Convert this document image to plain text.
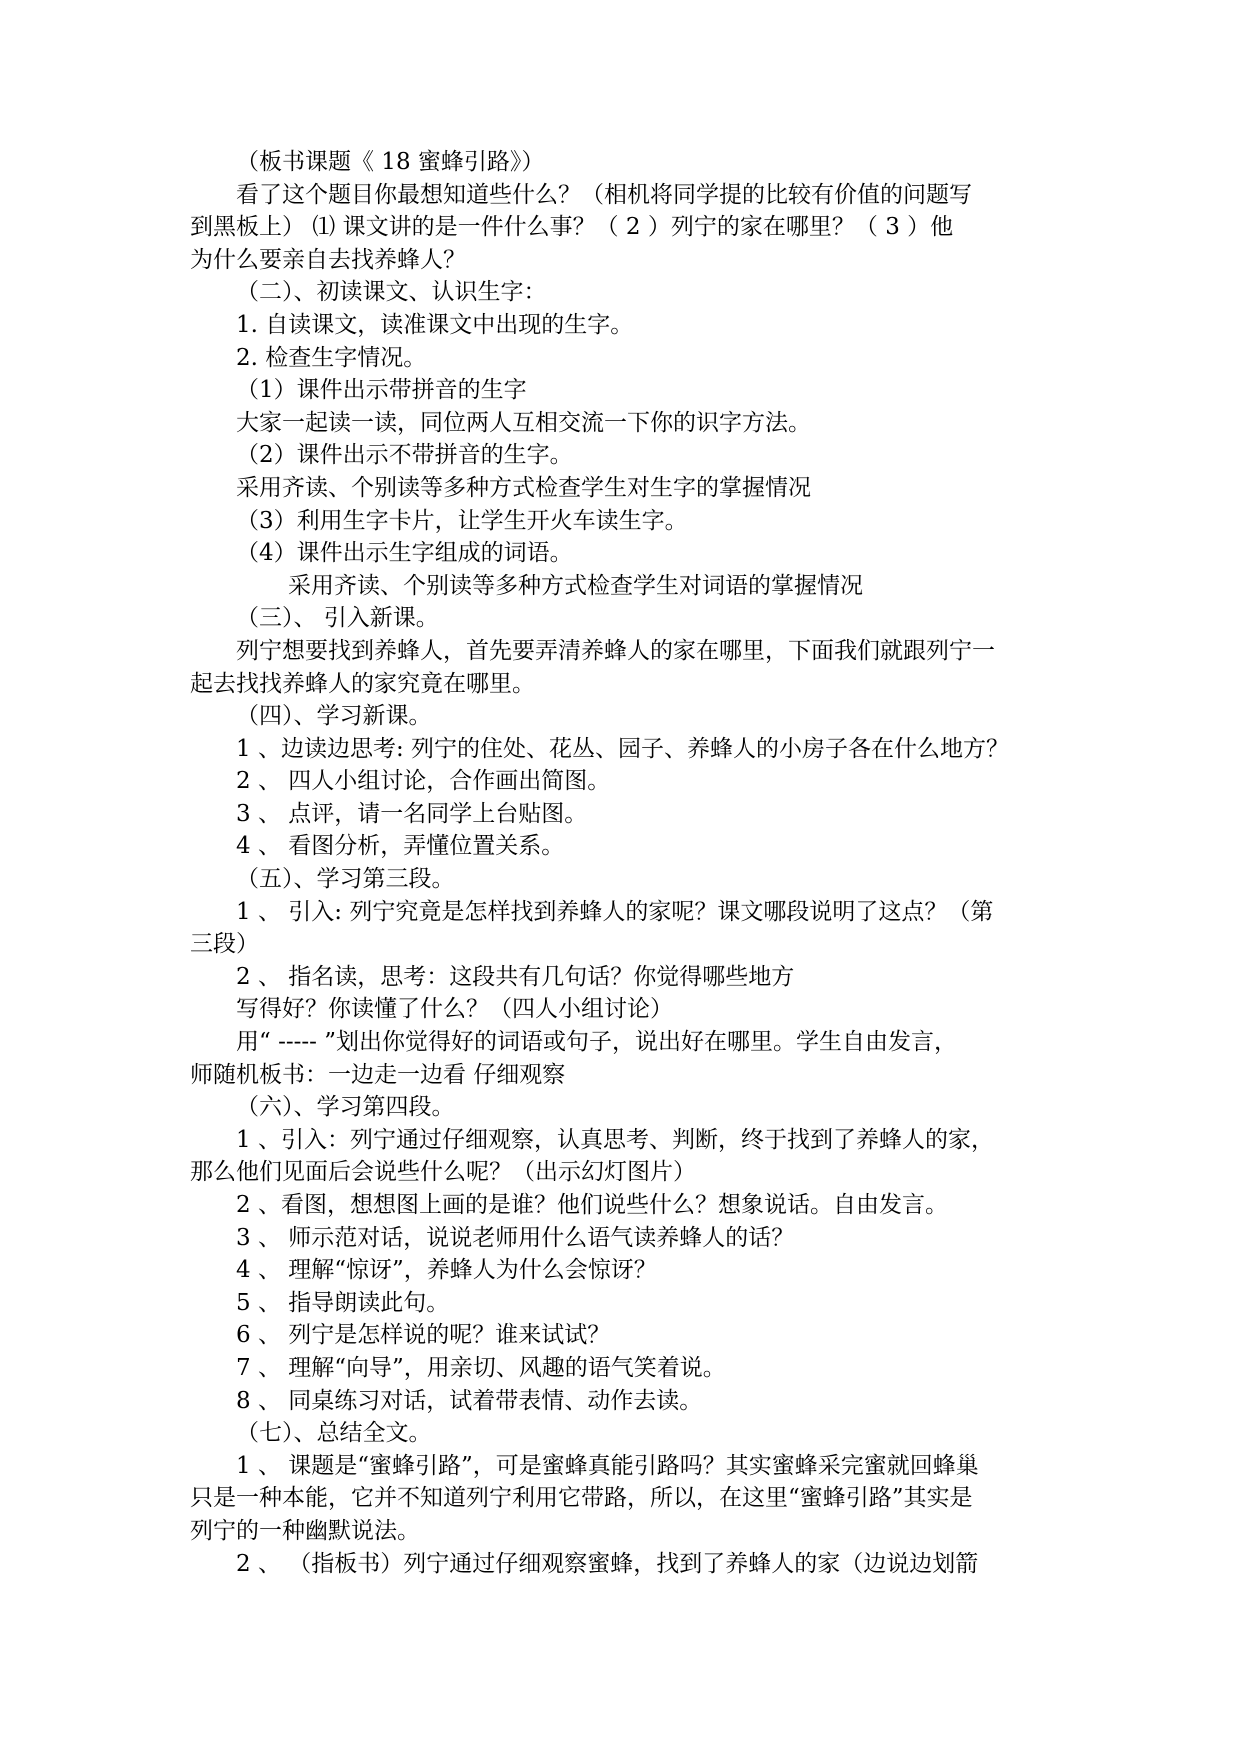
（板书课题《 18 蜜蜂引路》）

看了这个题目你最想知道些什么？（相机将同学提的比较有价值的问题写

到黑板上） ⑴ 课文讲的是一件什么事？（ 2 ）列宁的家在哪里？（ 3 ）他

为什么要亲自去找养蜂人？

（二）、初读课文、认识生字：

1. 自读课文，读准课文中出现的生字。

2. 检查生字情况。

（1）课件出示带拼音的生字

大家一起读一读，同位两人互相交流一下你的识字方法。

（2）课件出示不带拼音的生字。

采用齐读、个别读等多种方式检查学生对生字的掌握情况

（3）利用生字卡片，让学生开火车读生字。

（4）课件出示生字组成的词语。

采用齐读、个别读等多种方式检查学生对词语的掌握情况

（三）、 引入新课。

列宁想要找到养蜂人，首先要弄清养蜂人的家在哪里，下面我们就跟列宁一

起去找找养蜂人的家究竟在哪里。

（四）、学习新课。

1 、边读边思考: 列宁的住处、花丛、园子、养蜂人的小房子各在什么地方？

2 、 四人小组讨论，合作画出简图。

3 、 点评，请一名同学上台贴图。

4 、 看图分析，弄懂位置关系。

（五）、学习第三段。

1 、 引入: 列宁究竟是怎样找到养蜂人的家呢？课文哪段说明了这点？（第

三段）

2 、 指名读，思考：这段共有几句话？你觉得哪些地方

写得好？你读懂了什么？（四人小组讨论）

用“ ----- ”划出你觉得好的词语或句子，说出好在哪里。学生自由发言，

师随机板书：一边走一边看 仔细观察

（六）、学习第四段。

1 、引入：列宁通过仔细观察，认真思考、判断，终于找到了养蜂人的家，

那么他们见面后会说些什么呢？（出示幻灯图片）

2 、看图，想想图上画的是谁？他们说些什么？想象说话。自由发言。

3 、 师示范对话，说说老师用什么语气读养蜂人的话？

4 、 理解“惊讶”，养蜂人为什么会惊讶？

5 、 指导朗读此句。

6 、 列宁是怎样说的呢？谁来试试？

7 、 理解“向导”，用亲切、风趣的语气笑着说。

8 、 同桌练习对话，试着带表情、动作去读。

（七）、总结全文。

1 、 课题是“蜜蜂引路”，可是蜜蜂真能引路吗？其实蜜蜂采完蜜就回蜂巢

只是一种本能，它并不知道列宁利用它带路，所以，在这里“蜜蜂引路”其实是

列宁的一种幽默说法。

2 、 （指板书）列宁通过仔细观察蜜蜂，找到了养蜂人的家（边说边划箭
